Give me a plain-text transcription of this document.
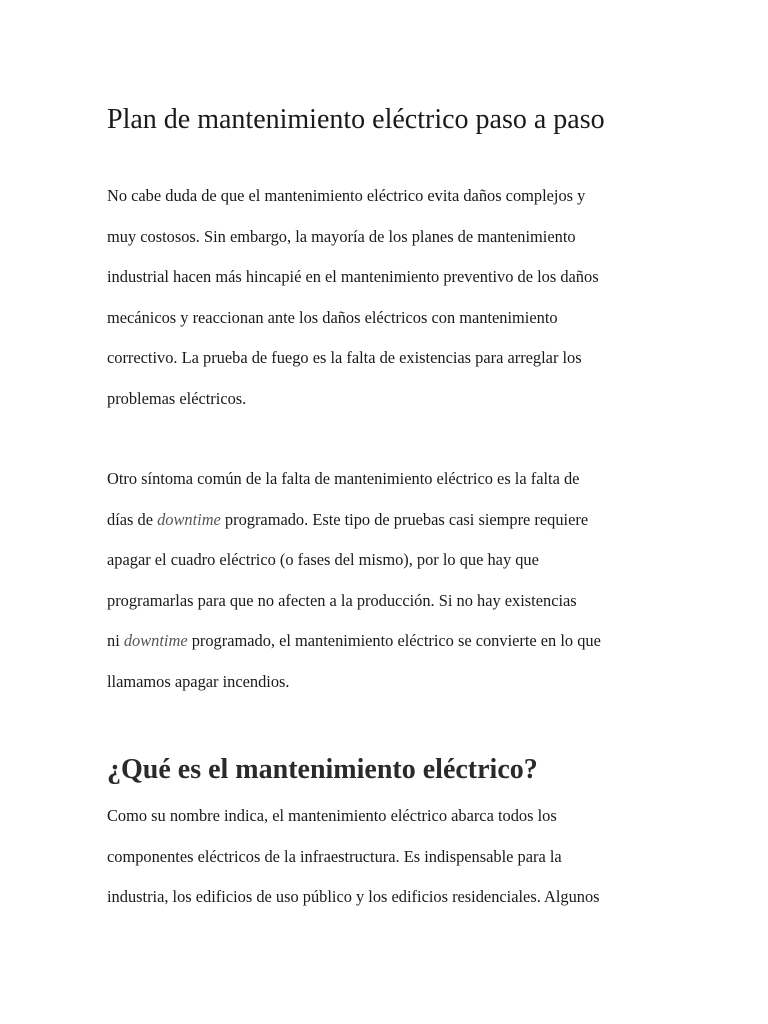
Plan de mantenimiento eléctrico paso a paso

No cabe duda de que el mantenimiento eléctrico evita daños complejos y
muy costosos. Sin embargo, la mayoría de los planes de mantenimiento
industrial hacen más hincapié en el mantenimiento preventivo de los daños
mecánicos y reaccionan ante los daños eléctricos con mantenimiento
correctivo. La prueba de fuego es la falta de existencias para arreglar los
problemas eléctricos.

Otro síntoma común de la falta de mantenimiento eléctrico es la falta de
días de downtime programado. Este tipo de pruebas casi siempre requiere
apagar el cuadro eléctrico (o fases del mismo), por lo que hay que
programarlas para que no afecten a la producción. Si no hay existencias
ni downtime programado, el mantenimiento eléctrico se convierte en lo que
llamamos apagar incendios.

¿Qué es el mantenimiento eléctrico?

Como su nombre indica, el mantenimiento eléctrico abarca todos los
componentes eléctricos de la infraestructura. Es indispensable para la
industria, los edificios de uso público y los edificios residenciales. Algunos
